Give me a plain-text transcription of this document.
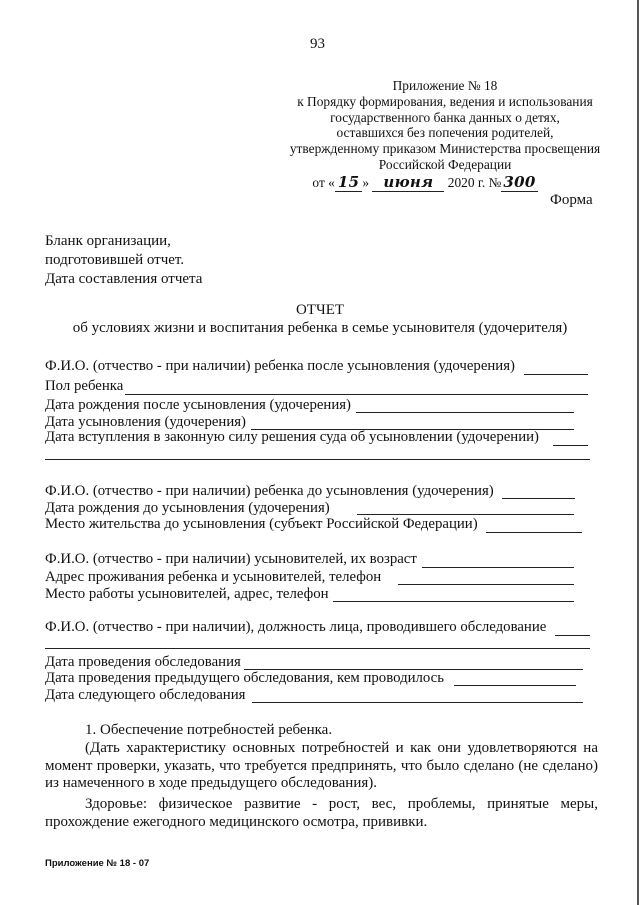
93
Приложение № 18
к Порядку формирования, ведения и использования
государственного банка данных о детях,
оставшихся без попечения родителей,
утвержденному приказом Министерства просвещения
Российской Федерации
от « 15 » июня 2020 г. № 300
Форма
Бланк организации,
подготовившей отчет.
Дата составления отчета
ОТЧЕТ
об условиях жизни и воспитания ребенка в семье усыновителя (удочерителя)
Ф.И.О. (отчество - при наличии) ребенка после усыновления (удочерения)
Пол ребенка
Дата рождения после усыновления (удочерения)
Дата усыновления (удочерения)
Дата вступления в законную силу решения суда об усыновлении (удочерении)
Ф.И.О. (отчество - при наличии) ребенка до усыновления (удочерения)
Дата рождения до усыновления (удочерения)
Место жительства до усыновления (субъект Российской Федерации)
Ф.И.О. (отчество - при наличии) усыновителей, их возраст
Адрес проживания ребенка и усыновителей, телефон
Место работы усыновителей, адрес, телефон
Ф.И.О. (отчество - при наличии), должность лица, проводившего обследование
Дата проведения обследования
Дата проведения предыдущего обследования, кем проводилось
Дата следующего обследования
1. Обеспечение потребностей ребенка.
(Дать характеристику основных потребностей и как они удовлетворяются на момент проверки, указать, что требуется предпринять, что было сделано (не сделано) из намеченного в ходе предыдущего обследования).
Здоровье: физическое развитие - рост, вес, проблемы, принятые меры, прохождение ежегодного медицинского осмотра, прививки.
Приложение № 18 - 07
